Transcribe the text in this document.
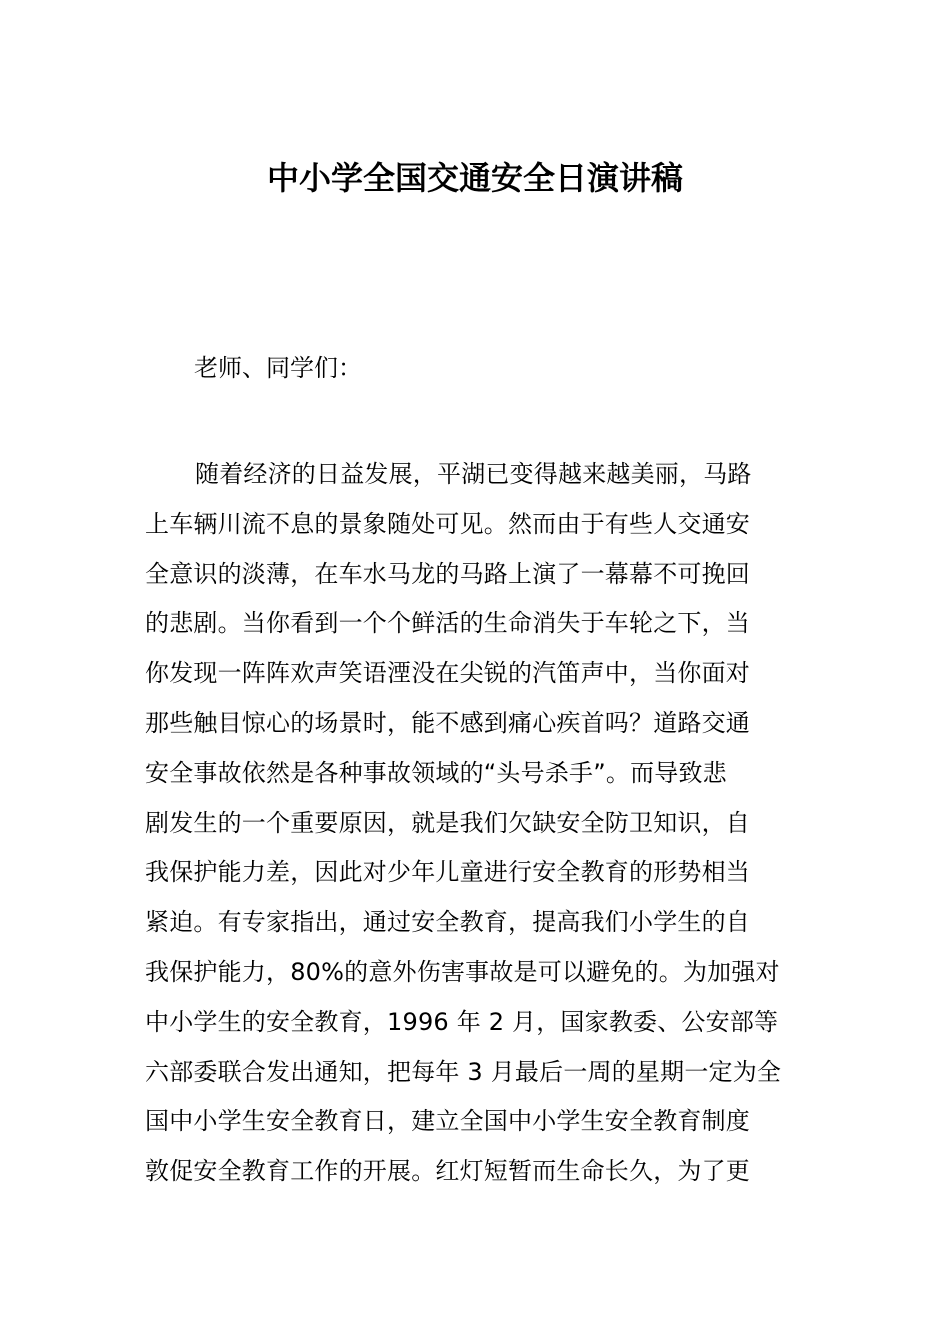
中小学全国交通安全日演讲稿

老师、同学们：

随着经济的日益发展，平湖已变得越来越美丽，马路
上车辆川流不息的景象随处可见。然而由于有些人交通安
全意识的淡薄，在车水马龙的马路上演了一幕幕不可挽回
的悲剧。当你看到一个个鲜活的生命消失于车轮之下，当
你发现一阵阵欢声笑语湮没在尖锐的汽笛声中，当你面对
那些触目惊心的场景时，能不感到痛心疾首吗？道路交通
安全事故依然是各种事故领域的“头号杀手”。而导致悲
剧发生的一个重要原因，就是我们欠缺安全防卫知识，自
我保护能力差，因此对少年儿童进行安全教育的形势相当
紧迫。有专家指出，通过安全教育，提高我们小学生的自
我保护能力，80%的意外伤害事故是可以避免的。为加强对
中小学生的安全教育，1996 年 2 月，国家教委、公安部等
六部委联合发出通知，把每年 3 月最后一周的星期一定为全
国中小学生安全教育日，建立全国中小学生安全教育制度
敦促安全教育工作的开展。红灯短暂而生命长久，为了更
